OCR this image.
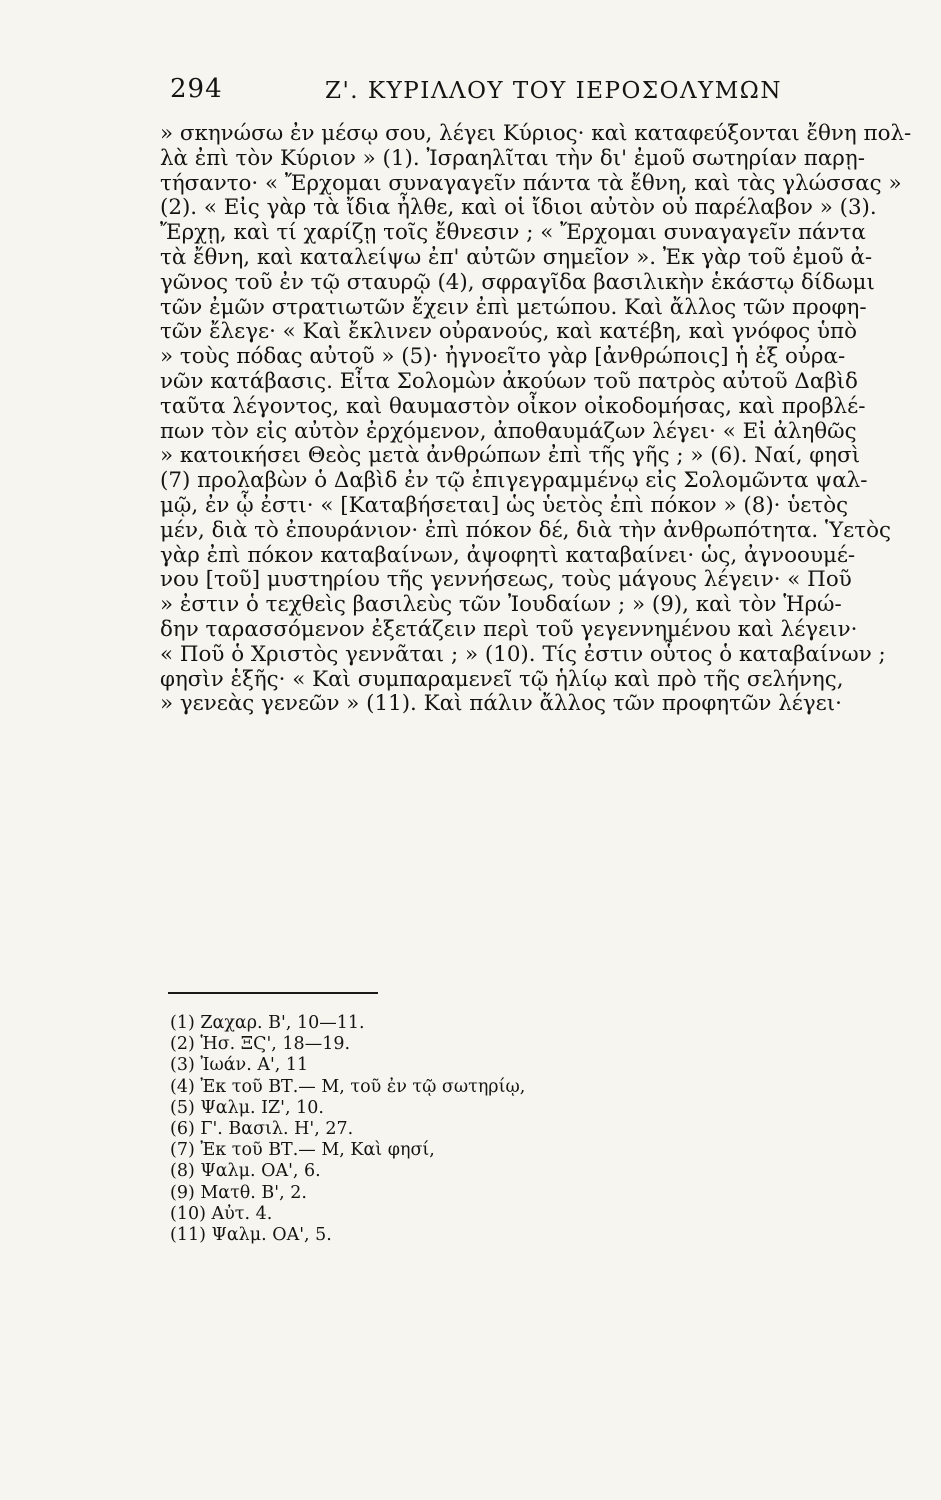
294	Ζ'. ΚΥΡΙΛΛΟΥ ΤΟΥ ΙΕΡΟΣΟΛΥΜΩΝ
» σκηνώσω ἐν μέσῳ σου, λέγει Κύριος· καὶ καταφεύξονται ἔθνη πολ-
λὰ ἐπὶ τὸν Κύριον » (1). Ἰσραηλῖται τὴν δι' ἐμοῦ σωτηρίαν παρῃ-
τήσαντο· « Ἔρχομαι συναγαγεῖν πάντα τὰ ἔθνη, καὶ τὰς γλώσσας »
(2). « Εἰς γὰρ τὰ ἴδια ἦλθε, καὶ οἱ ἴδιοι αὐτὸν οὐ παρέλαβον » (3).
Ἔρχῃ, καὶ τί χαρίζῃ τοῖς ἔθνεσιν ; « Ἔρχομαι συναγαγεῖν πάντα
τὰ ἔθνη, καὶ καταλείψω ἐπ' αὐτῶν σημεῖον ». Ἐκ γὰρ τοῦ ἐμοῦ ἀ-
γῶνος τοῦ ἐν τῷ σταυρῷ (4), σφραγῖδα βασιλικὴν ἑκάστῳ δίδωμι
τῶν ἐμῶν στρατιωτῶν ἔχειν ἐπὶ μετώπου. Καὶ ἄλλος τῶν προφη-
τῶν ἔλεγε· « Καὶ ἔκλινεν οὐρανούς, καὶ κατέβη, καὶ γνόφος ὑπὸ
» τοὺς πόδας αὐτοῦ » (5)· ἠγνοεῖτο γὰρ [ἀνθρώποις] ἡ ἐξ οὐρα-
νῶν κατάβασις. Εἶτα Σολομὼν ἀκούων τοῦ πατρὸς αὐτοῦ Δαβὶδ
ταῦτα λέγοντος, καὶ θαυμαστὸν οἶκον οἰκοδομήσας, καὶ προβλέ-
πων τὸν εἰς αὐτὸν ἐρχόμενον, ἀποθαυμάζων λέγει· « Εἰ ἀληθῶς
» κατοικήσει Θεὸς μετὰ ἀνθρώπων ἐπὶ τῆς γῆς ; » (6). Ναί, φησὶ
(7) προλαβὼν ὁ Δαβὶδ ἐν τῷ ἐπιγεγραμμένῳ εἰς Σολομῶντα ψαλ-
μῷ, ἐν ᾧ ἐστι· « [Καταβήσεται] ὡς ὑετὸς ἐπὶ πόκον » (8)· ὑετὸς
μέν, διὰ τὸ ἐπουράνιον· ἐπὶ πόκον δέ, διὰ τὴν ἀνθρωπότητα. Ὑετὸς
γὰρ ἐπὶ πόκον καταβαίνων, ἀψοφητὶ καταβαίνει· ὡς, ἀγνοουμέ-
νου [τοῦ] μυστηρίου τῆς γεννήσεως, τοὺς μάγους λέγειν· « Ποῦ
» ἐστιν ὁ τεχθεὶς βασιλεὺς τῶν Ἰουδαίων ; » (9), καὶ τὸν Ἡρώ-
δην ταρασσόμενον ἐξετάζειν περὶ τοῦ γεγεννημένου καὶ λέγειν·
« Ποῦ ὁ Χριστὸς γεννᾶται ; » (10). Τίς ἐστιν οὗτος ὁ καταβαίνων ;
φησὶν ἑξῆς· « Καὶ συμπαραμενεῖ τῷ ἡλίῳ καὶ πρὸ τῆς σελήνης,
» γενεὰς γενεῶν » (11). Καὶ πάλιν ἄλλος τῶν προφητῶν λέγει·
(1) Ζαχαρ. Β', 10—11.
(2) Ἡσ. ΞϚ', 18—19.
(3) Ἰωάν. Α', 11
(4) Ἐκ τοῦ ΒΤ.— Μ, τοῦ ἐν τῷ σωτηρίῳ,
(5) Ψαλμ. ΙΖ', 10.
(6) Γ'. Βασιλ. Η', 27.
(7) Ἐκ τοῦ ΒΤ.— Μ, Καὶ φησί,
(8) Ψαλμ. ΟΑ', 6.
(9) Ματθ. Β', 2.
(10) Αὐτ. 4.
(11) Ψαλμ. ΟΑ', 5.
